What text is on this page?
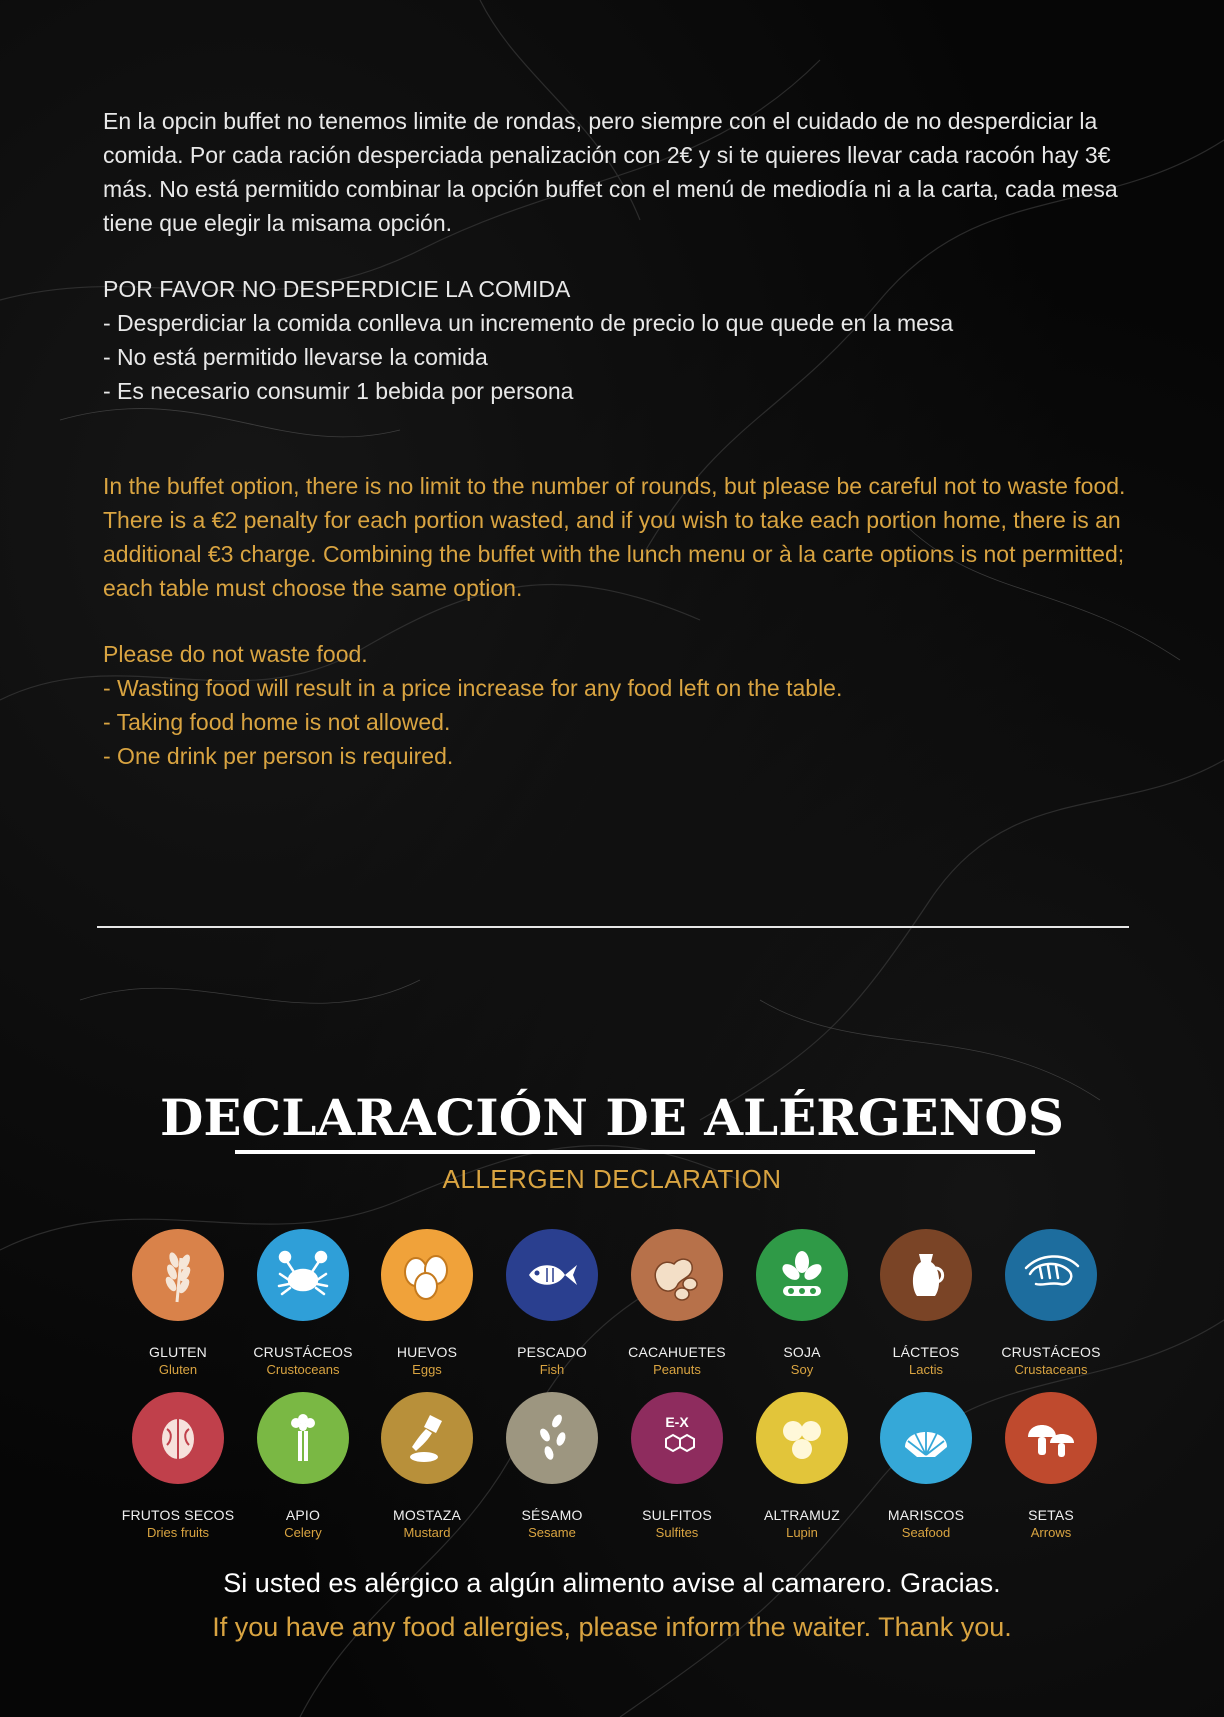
En la opcin buffet no tenemos limite de rondas, pero siempre con el cuidado de no desperdiciar la comida. Por cada ración desperciada penalización con 2€ y si te quieres llevar cada racoón hay 3€ más. No está permitido combinar la opción buffet con el menú de mediodía ni a la carta, cada mesa tiene que elegir la misama opción.

POR FAVOR NO DESPERDICIE LA COMIDA

- Desperdiciar la comida conlleva un incremento de precio lo que quede en la mesa
- No está permitido llevarse la comida
- Es necesario consumir 1 bebida por persona

In the buffet option, there is no limit to the number of rounds, but please be careful not to waste food. There is a €2 penalty for each portion wasted, and if you wish to take each portion home, there is an additional €3 charge. Combining the buffet with the lunch menu or à la carte options is not permitted; each table must choose the same option.

Please do not waste food.

- Wasting food will result in a price increase for any food left on the table.
- Taking food home is not allowed.
- One drink per person is required.
DECLARACIÓN DE ALÉRGENOS
ALLERGEN DECLARATION
GLUTEN
Gluten
CRUSTÁCEOS
Crustoceans
HUEVOS
Eggs
PESCADO
Fish
CACAHUETES
Peanuts
SOJA
Soy
LÁCTEOS
Lactis
CRUSTÁCEOS
Crustaceans
FRUTOS SECOS
Dries fruits
APIO
Celery
MOSTAZA
Mustard
SÉSAMO
Sesame
E-X
SULFITOS
Sulfites
ALTRAMUZ
Lupin
MARISCOS
Seafood
SETAS
Arrows
Si usted es alérgico a algún alimento avise al camarero. Gracias.
If you have any food allergies, please inform the waiter. Thank you.
